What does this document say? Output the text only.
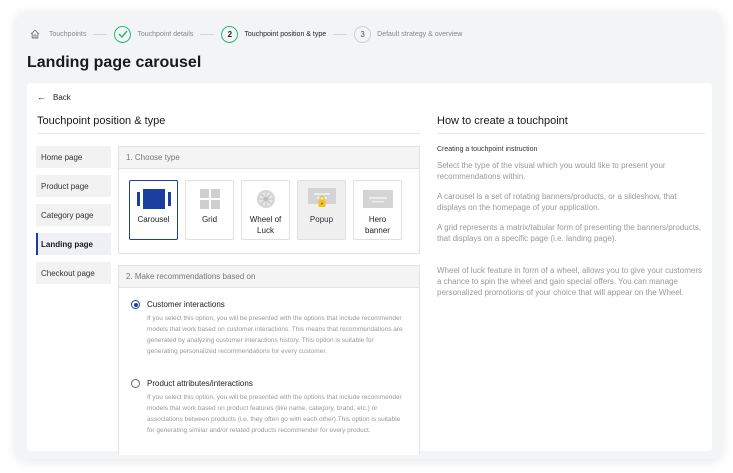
Touchpoints	Touchpoint details	2	Touchpoint position & type	3	Default strategy & overview
Landing page carousel
← Back
Touchpoint position & type	How to create a touchpoint
Home page
Product page
Category page
Landing page
Checkout page
1. Choose type
Carousel	Grid	Wheel of Luck
Popup	Hero banner
2. Make recommendations based on
Customer interactions
If you select this option, you will be presented with the options that include recommender models that work based on customer interactions. This means that recommendations are generated by analyzing customer interactions history. This option is suitable for generating personalized recommendations for every customer.
Product attributes/interactions
If you select this option, you will be presented with the options that include recommender models that work based on product features (like name, category, brand, etc.) or associations between products (i.e. they often go with each other).This option is suitable for generating similar and/or related products recommender for every product.
Creating a touchpoint instruction
Select the type of the visual which you would like to present your recommendations within.
A carousel is a set of rotating banners/products, or a slideshow, that displays on the homepage of your application.
A grid represents a matrix/tabular form of presenting the banners/products, that displays on a specific page (i.e. landing page).
Wheel of luck feature in form of a wheel, allows you to give your customers a chance to spin the wheel and gain special offers. You can manage personalized promotions of your choice that will appear on the Wheel.
